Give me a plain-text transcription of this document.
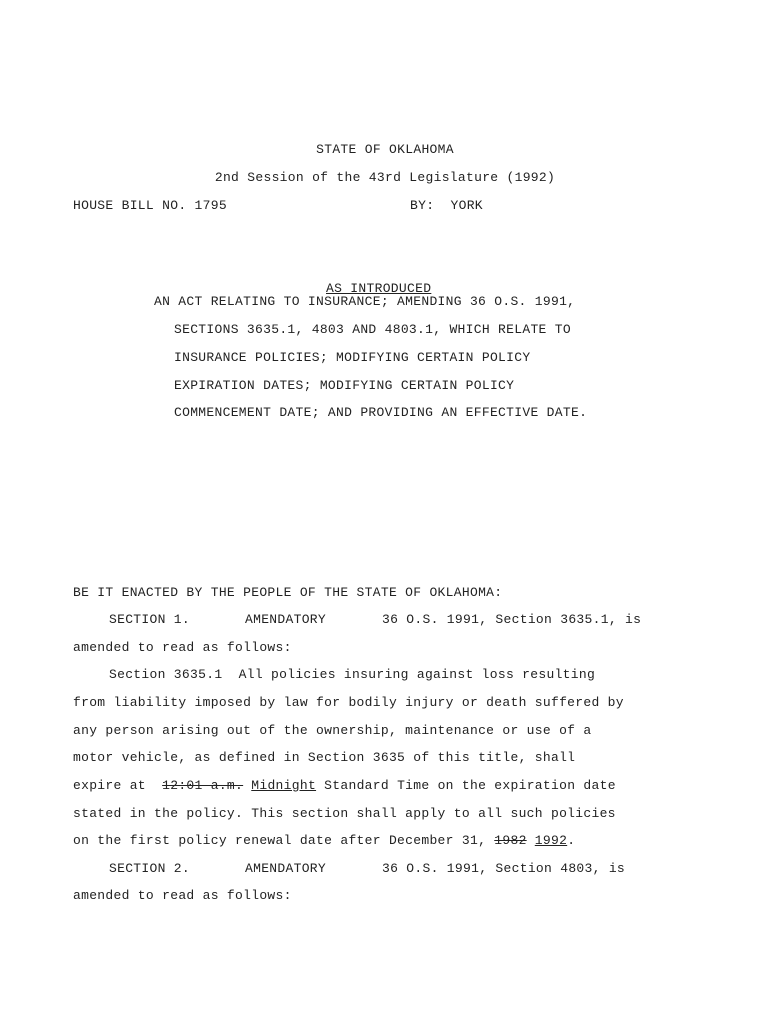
STATE OF OKLAHOMA
2nd Session of the 43rd Legislature (1992)
HOUSE BILL NO. 1795	BY:  YORK
AS INTRODUCED
AN ACT RELATING TO INSURANCE; AMENDING 36 O.S. 1991,
SECTIONS 3635.1, 4803 AND 4803.1, WHICH RELATE TO
INSURANCE POLICIES; MODIFYING CERTAIN POLICY
EXPIRATION DATES; MODIFYING CERTAIN POLICY
COMMENCEMENT DATE; AND PROVIDING AN EFFECTIVE DATE.
BE IT ENACTED BY THE PEOPLE OF THE STATE OF OKLAHOMA:
SECTION 1.	AMENDATORY	36 O.S. 1991, Section 3635.1, is
amended to read as follows:
Section 3635.1  All policies insuring against loss resulting
from liability imposed by law for bodily injury or death suffered by
any person arising out of the ownership, maintenance or use of a
motor vehicle, as defined in Section 3635 of this title, shall
expire at  12:01 a.m. Midnight Standard Time on the expiration date
stated in the policy. This section shall apply to all such policies
on the first policy renewal date after December 31, 1982 1992.
SECTION 2.	AMENDATORY	36 O.S. 1991, Section 4803, is
amended to read as follows:
